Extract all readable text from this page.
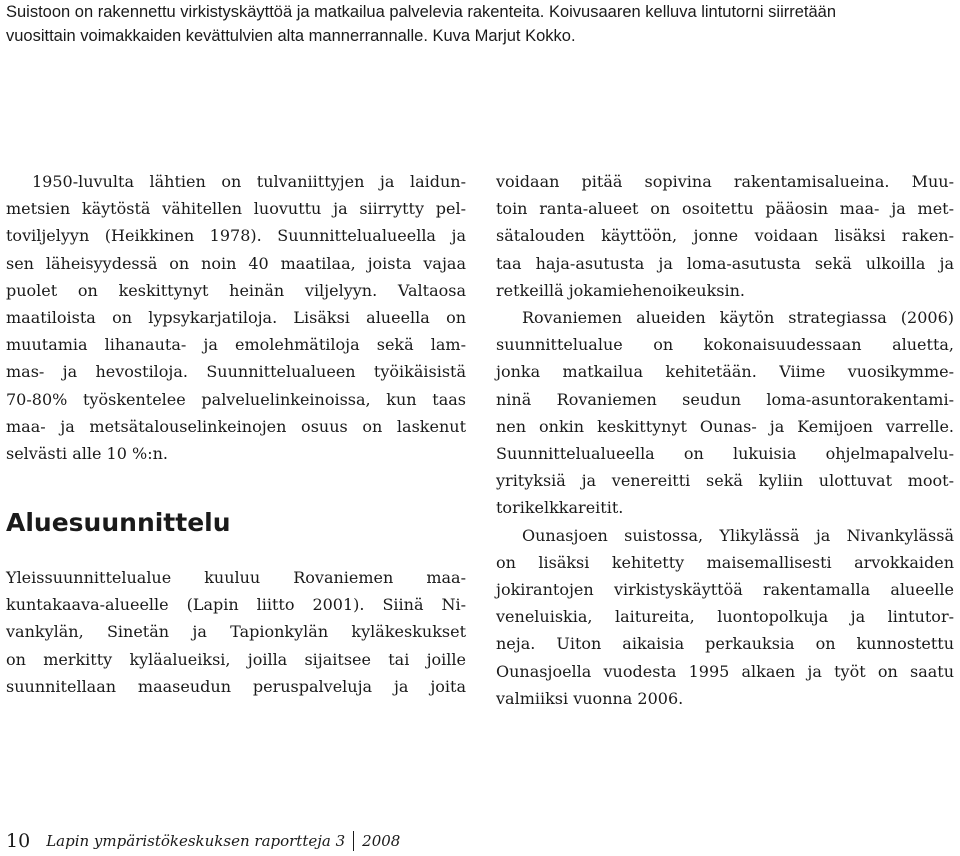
Suistoon on rakennettu virkistyskäyttöä ja matkailua palvelevia rakenteita. Koivusaaren kelluva lintutorni siirretään
vuosittain voimakkaiden kevättulvien alta mannerrannalle. Kuva Marjut Kokko.
1950-luvulta lähtien on tulvaniittyjen ja laidun-
metsien käytöstä vähitellen luovuttu ja siirrytty pel-
toviljelyyn (Heikkinen 1978). Suunnittelualueella ja
sen läheisyydessä on noin 40 maatilaa, joista vajaa
puolet on keskittynyt heinän viljelyyn. Valtaosa
maatiloista on lypsykarjatiloja. Lisäksi alueella on
muutamia lihanauta- ja emolehmätiloja sekä lam-
mas- ja hevostiloja. Suunnittelualueen työikäisistä
70-80% työskentelee palveluelinkeinoissa, kun taas
maa- ja metsätalouselinkeinojen osuus on laskenut
selvästi alle 10 %:n.
Aluesuunnittelu
Yleissuunnittelualue kuuluu Rovaniemen maa-
kuntakaava-alueelle (Lapin liitto 2001). Siinä Ni-
vankylän, Sinetän ja Tapionkylän kyläkeskukset
on merkitty kyläalueiksi, joilla sijaitsee tai joille
suunnitellaan maaseudun peruspalveluja ja joita
voidaan pitää sopivina rakentamisalueina. Muu-
toin ranta-alueet on osoitettu pääosin maa- ja met-
sätalouden käyttöön, jonne voidaan lisäksi raken-
taa haja-asutusta ja loma-asutusta sekä ulkoilla ja
retkeillä jokamiehenoikeuksin.
Rovaniemen alueiden käytön strategiassa (2006)
suunnittelualue on kokonaisuudessaan aluetta,
jonka matkailua kehitetään. Viime vuosikymme-
ninä Rovaniemen seudun loma-asuntorakentami-
nen onkin keskittynyt Ounas- ja Kemijoen varrelle.
Suunnittelualueella on lukuisia ohjelmapalvelu-
yrityksiä ja venereitti sekä kyliin ulottuvat moot-
torikelkkareitit.
Ounasjoen suistossa, Ylikylässä ja Nivankylässä
on lisäksi kehitetty maisemallisesti arvokkaiden
jokirantojen virkistyskäyttöä rakentamalla alueelle
veneluiskia, laitureita, luontopolkuja ja lintutor-
neja. Uiton aikaisia perkauksia on kunnostettu
Ounasjoella vuodesta 1995 alkaen ja työt on saatu
valmiiksi vuonna 2006.
10 Lapin ympäristökeskuksen raportteja 3 2008
